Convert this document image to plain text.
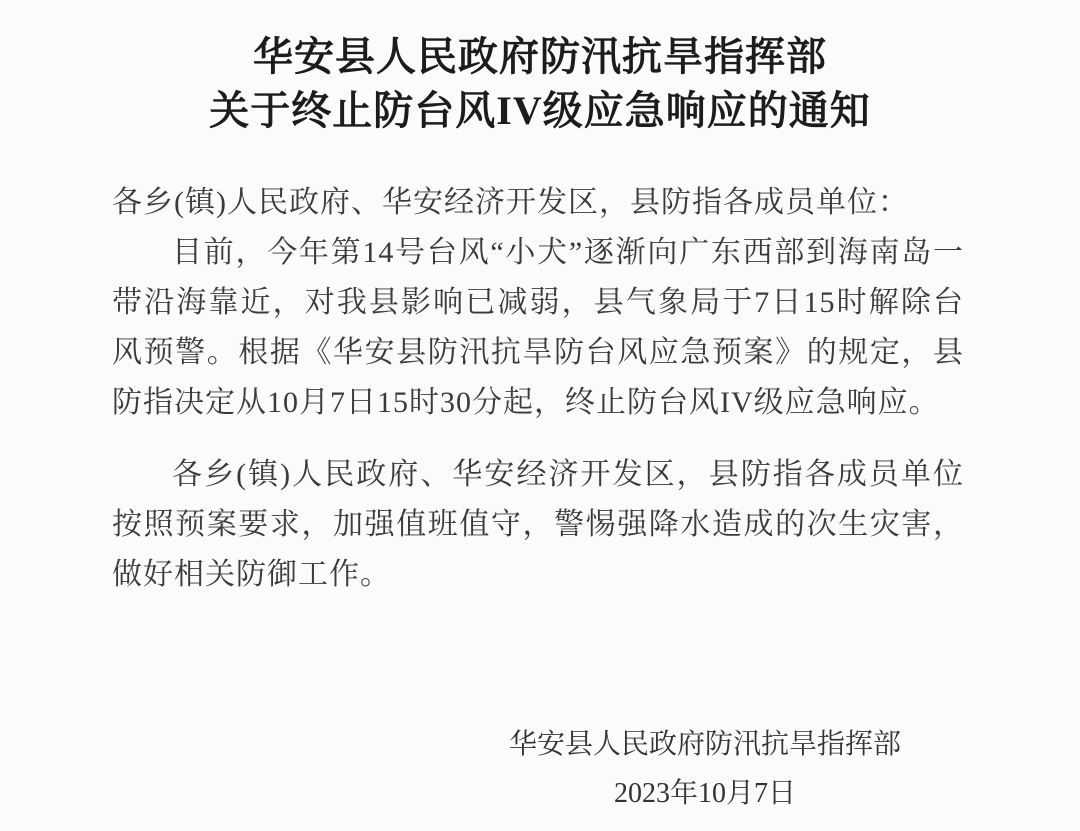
华安县人民政府防汛抗旱指挥部
关于终止防台风IV级应急响应的通知

各乡(镇)人民政府、华安经济开发区，县防指各成员单位：

目前，今年第14号台风“小犬”逐渐向广东西部到海南岛一带沿海靠近，对我县影响已减弱，县气象局于7日15时解除台风预警。根据《华安县防汛抗旱防台风应急预案》的规定，县防指决定从10月7日15时30分起，终止防台风IV级应急响应。

各乡(镇)人民政府、华安经济开发区，县防指各成员单位按照预案要求，加强值班值守，警惕强降水造成的次生灾害，做好相关防御工作。

华安县人民政府防汛抗旱指挥部
2023年10月7日
